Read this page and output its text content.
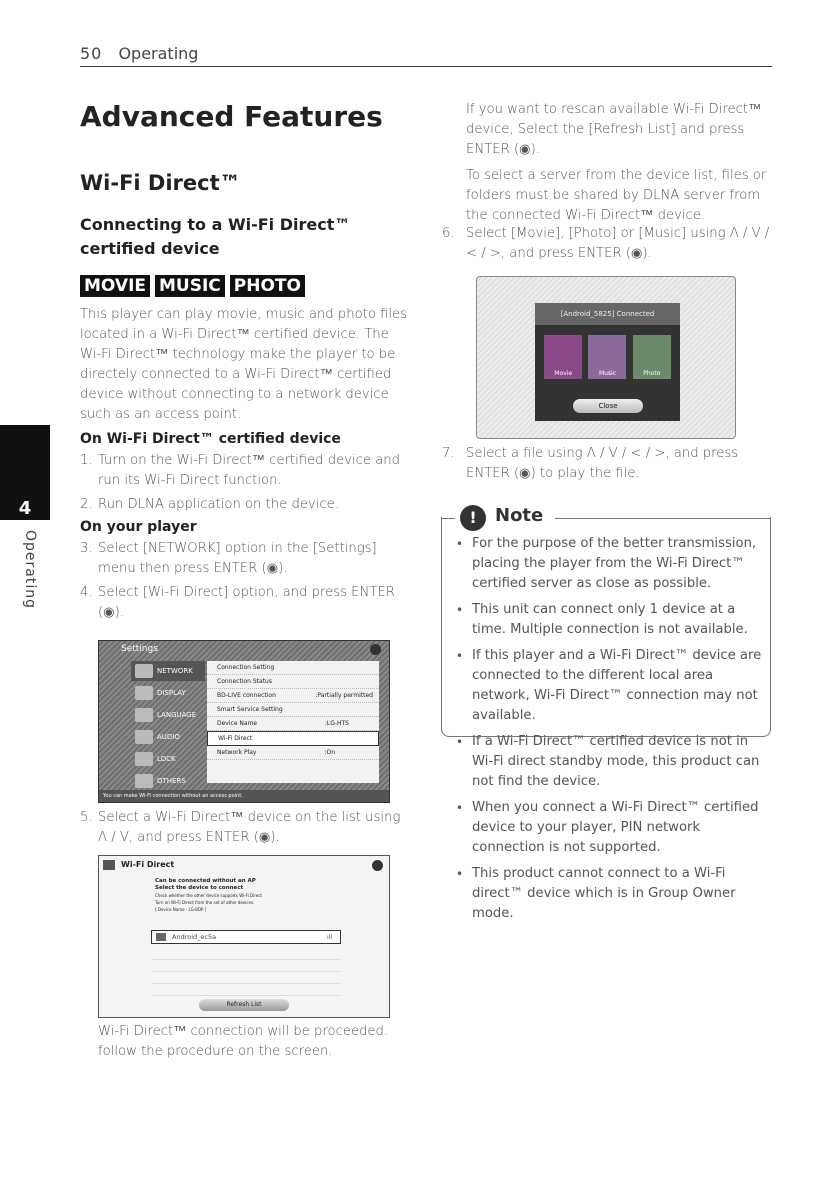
50 Operating
4
Operating
Advanced Features
Wi-Fi Direct™
Connecting to a Wi-Fi Direct™ certified device
MOVIE MUSIC PHOTO
This player can play movie, music and photo files located in a Wi-Fi Direct™ certified device. The Wi-Fi Direct™ technology make the player to be directely connected to a Wi-Fi Direct™ certified device without connecting to a network device such as an access point.
On Wi-Fi Direct™ certified device
1. Turn on the Wi-Fi Direct™ certified device and run its Wi-Fi Direct function.
2. Run DLNA application on the device.
On your player
3. Select [NETWORK] option in the [Settings] menu then press ENTER (◉).
4. Select [Wi-Fi Direct] option, and press ENTER (◉).
Settings
NETWORK
DISPLAY
LANGUAGE
AUDIO
LOCK
OTHERS
Connection Setting
Connection Status
BD-LIVE connection	:Partially permitted
Smart Service Setting
Device Name	:LG-HTS
Wi-Fi Direct
Network Play	:On
You can make Wi-Fi connection without an access point.
5. Select a Wi-Fi Direct™ device on the list using Λ / V, and press ENTER (◉).
Wi-Fi Direct
Can be connected without an AP
Select the device to connect
Check whether the other device supports Wi-Fi Direct
Turn on Wi-Fi Direct from the set of other devices.
[ Device Name : LG-BDP ]
Android_ec5a	ıll
Refresh List
Wi-Fi Direct™ connection will be proceeded. follow the procedure on the screen.
If you want to rescan available Wi-Fi Direct™ device, Select the [Refresh List] and press ENTER (◉).
To select a server from the device list, files or folders must be shared by DLNA server from the connected Wi-Fi Direct™ device.
6. Select [Movie], [Photo] or [Music] using Λ / V / < / >, and press ENTER (◉).
[Android_5825] Connected
Movie	Music	Photo
Close
7. Select a file using Λ / V / < / >, and press ENTER (◉) to play the file.
!	Note
• For the purpose of the better transmission, placing the player from the Wi-Fi Direct™ certified server as close as possible.
• This unit can connect only 1 device at a time. Multiple connection is not available.
• If this player and a Wi-Fi Direct™ device are connected to the different local area network, Wi-Fi Direct™ connection may not available.
• If a Wi-Fi Direct™ certified device is not in Wi-Fi direct standby mode, this product can not find the device.
• When you connect a Wi-Fi Direct™ certified device to your player, PIN network connection is not supported.
• This product cannot connect to a Wi-Fi direct™ device which is in Group Owner mode.
